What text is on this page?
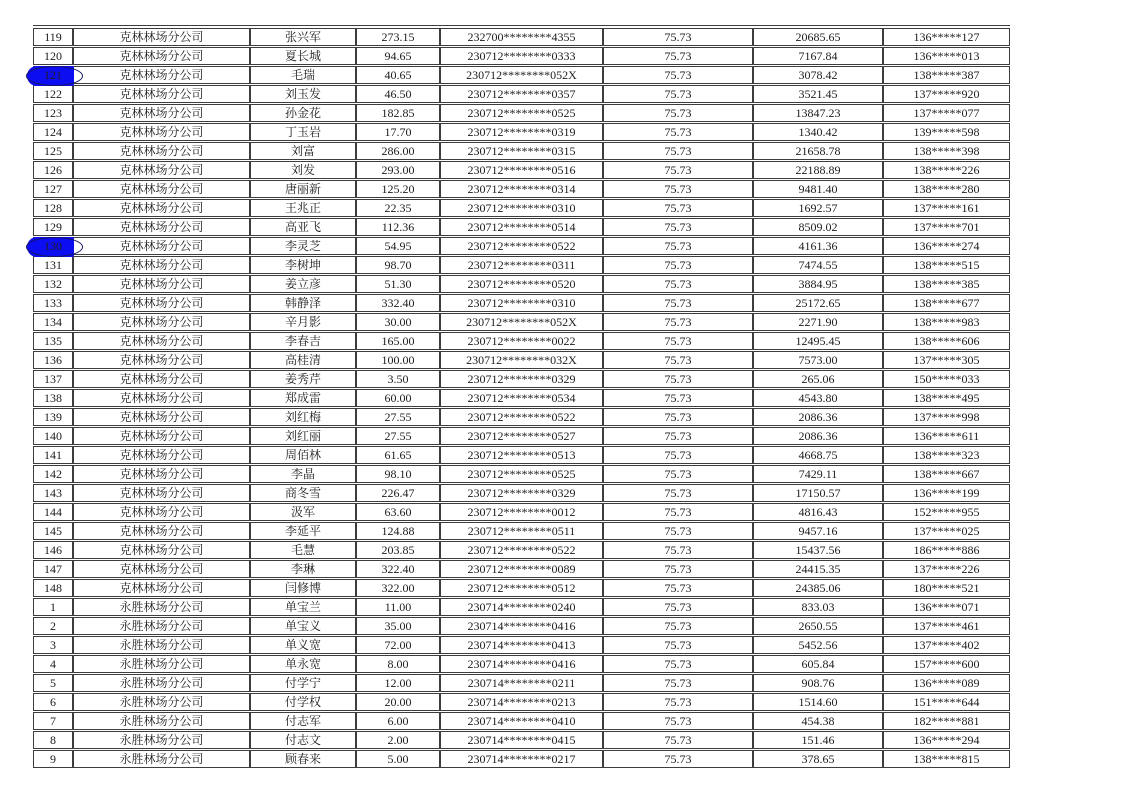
119	克林林场分公司	张兴军	273.15	232700********4355	75.73	20685.65	136*****127
120	克林林场分公司	夏长城	94.65	230712********0333	75.73	7167.84	136*****013

121	克林林场分公司	毛瑞	40.65	230712********052X	75.73	3078.42	138*****387
122	克林林场分公司	刘玉发	46.50	230712********0357	75.73	3521.45	137*****920
123	克林林场分公司	孙金花	182.85	230712********0525	75.73	13847.23	137*****077
124	克林林场分公司	丁玉岩	17.70	230712********0319	75.73	1340.42	139*****598
125	克林林场分公司	刘富	286.00	230712********0315	75.73	21658.78	138*****398
126	克林林场分公司	刘发	293.00	230712********0516	75.73	22188.89	138*****226
127	克林林场分公司	唐丽新	125.20	230712********0314	75.73	9481.40	138*****280
128	克林林场分公司	王兆正	22.35	230712********0310	75.73	1692.57	137*****161
129	克林林场分公司	高亚飞	112.36	230712********0514	75.73	8509.02	137*****701

130	克林林场分公司	李灵芝	54.95	230712********0522	75.73	4161.36	136*****274
131	克林林场分公司	李树坤	98.70	230712********0311	75.73	7474.55	138*****515
132	克林林场分公司	姜立彦	51.30	230712********0520	75.73	3884.95	138*****385
133	克林林场分公司	韩静泽	332.40	230712********0310	75.73	25172.65	138*****677
134	克林林场分公司	辛月影	30.00	230712********052X	75.73	2271.90	138*****983
135	克林林场分公司	李春吉	165.00	230712********0022	75.73	12495.45	138*****606
136	克林林场分公司	高桂清	100.00	230712********032X	75.73	7573.00	137*****305
137	克林林场分公司	姜秀芹	3.50	230712********0329	75.73	265.06	150*****033
138	克林林场分公司	郑成雷	60.00	230712********0534	75.73	4543.80	138*****495
139	克林林场分公司	刘红梅	27.55	230712********0522	75.73	2086.36	137*****998
140	克林林场分公司	刘红丽	27.55	230712********0527	75.73	2086.36	136*****611
141	克林林场分公司	周佰林	61.65	230712********0513	75.73	4668.75	138*****323
142	克林林场分公司	李晶	98.10	230712********0525	75.73	7429.11	138*****667
143	克林林场分公司	商冬雪	226.47	230712********0329	75.73	17150.57	136*****199
144	克林林场分公司	汲军	63.60	230712********0012	75.73	4816.43	152*****955
145	克林林场分公司	李延平	124.88	230712********0511	75.73	9457.16	137*****025
146	克林林场分公司	毛慧	203.85	230712********0522	75.73	15437.56	186*****886
147	克林林场分公司	李琳	322.40	230712********0089	75.73	24415.35	137*****226
148	克林林场分公司	闫修博	322.00	230712********0512	75.73	24385.06	180*****521
1	永胜林场分公司	单宝兰	11.00	230714********0240	75.73	833.03	136*****071
2	永胜林场分公司	单宝义	35.00	230714********0416	75.73	2650.55	137*****461
3	永胜林场分公司	单义宽	72.00	230714********0413	75.73	5452.56	137*****402
4	永胜林场分公司	单永宽	8.00	230714********0416	75.73	605.84	157*****600
5	永胜林场分公司	付学宁	12.00	230714********0211	75.73	908.76	136*****089
6	永胜林场分公司	付学权	20.00	230714********0213	75.73	1514.60	151*****644
7	永胜林场分公司	付志军	6.00	230714********0410	75.73	454.38	182*****881
8	永胜林场分公司	付志文	2.00	230714********0415	75.73	151.46	136*****294
9	永胜林场分公司	顾春来	5.00	230714********0217	75.73	378.65	138*****815
